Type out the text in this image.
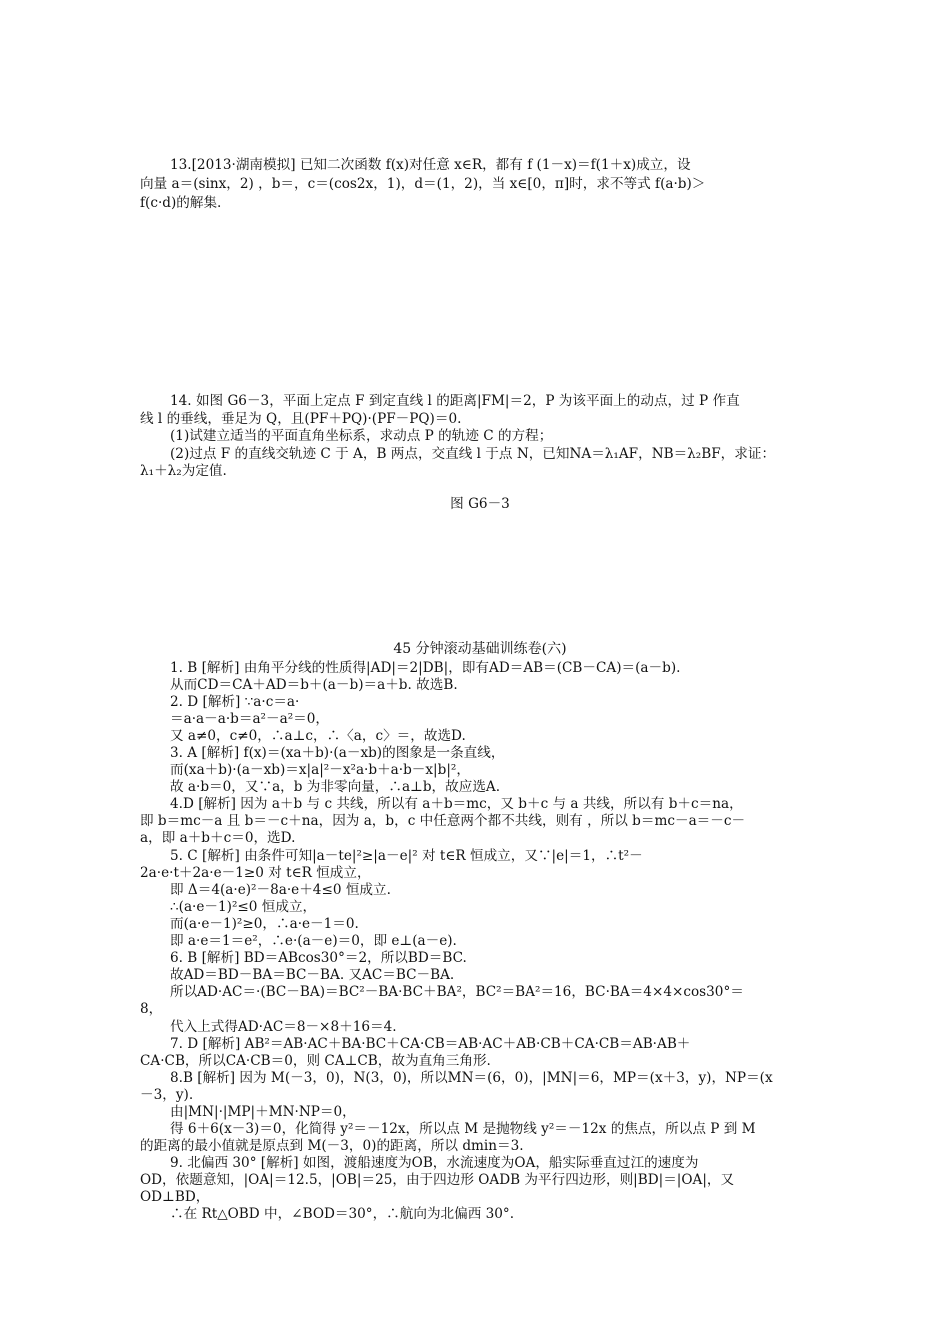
13.[2013·湖南模拟] 已知二次函数 f(x)对任意 x∈R，都有 f (1－x)＝f(1＋x)成立，设
向量 a＝(sinx，2) ，b＝，c＝(cos2x，1)，d＝(1，2)，当 x∈[0，π]时，求不等式 f(a·b)＞
f(c·d)的解集.
14. 如图 G6－3，平面上定点 F 到定直线 l 的距离|FM|＝2，P 为该平面上的动点，过 P 作直
线 l 的垂线，垂足为 Q，且(PF＋PQ)·(PF－PQ)＝0.
(1)试建立适当的平面直角坐标系，求动点 P 的轨迹 C 的方程；
(2)过点 F 的直线交轨迹 C 于 A，B 两点，交直线 l 于点 N，已知NA＝λ₁AF，NB＝λ₂BF，求证：
λ₁＋λ₂为定值.
图 G6－3
45 分钟滚动基础训练卷(六)
1. B [解析] 由角平分线的性质得|AD|＝2|DB|，即有AD＝AB＝(CB－CA)＝(a－b).
从而CD＝CA＋AD＝b＋(a－b)＝a＋b. 故选B.
2. D [解析] ∵a·c＝a·
＝a·a－a·b＝a²－a²＝0，
又 a≠0，c≠0，∴a⊥c，∴〈a，c〉＝，故选D.
3. A [解析] f(x)＝(xa＋b)·(a－xb)的图象是一条直线，
而(xa＋b)·(a－xb)＝x|a|²－x²a·b＋a·b－x|b|²，
故 a·b＝0，又∵a，b 为非零向量，∴a⊥b，故应选A.
4.D [解析] 因为 a＋b 与 c 共线，所以有 a＋b＝mc，又 b＋c 与 a 共线，所以有 b＋c＝na，
即 b＝mc－a 且 b＝－c＋na，因为 a，b，c 中任意两个都不共线，则有 ，所以 b＝mc－a＝－c－
a，即 a＋b＋c＝0，选D.
5. C [解析] 由条件可知|a－te|²≥|a－e|² 对 t∈R 恒成立，又∵|e|＝1，∴t²－
2a·e·t＋2a·e－1≥0 对 t∈R 恒成立，
即 Δ＝4(a·e)²－8a·e＋4≤0 恒成立.
∴(a·e－1)²≤0 恒成立，
而(a·e－1)²≥0，∴a·e－1＝0.
即 a·e＝1＝e²，∴e·(a－e)＝0，即 e⊥(a－e).
6. B [解析] BD＝ABcos30°＝2，所以BD＝BC.
故AD＝BD－BA＝BC－BA. 又AC＝BC－BA.
所以AD·AC＝·(BC－BA)＝BC²－BA·BC＋BA²，BC²＝BA²＝16，BC·BA＝4×4×cos30°＝
8，
代入上式得AD·AC＝8－×8＋16＝4.
7. D [解析] AB²＝AB·AC＋BA·BC＋CA·CB＝AB·AC＋AB·CB＋CA·CB＝AB·AB＋
CA·CB，所以CA·CB＝0，则 CA⊥CB，故为直角三角形.
8.B [解析] 因为 M(－3，0)，N(3，0)，所以MN＝(6，0)，|MN|＝6，MP＝(x＋3，y)，NP＝(x
－3，y).
由|MN|·|MP|＋MN·NP＝0，
得 6＋6(x－3)＝0，化简得 y²＝－12x，所以点 M 是抛物线 y²＝－12x 的焦点，所以点 P 到 M
的距离的最小值就是原点到 M(－3，0)的距离，所以 dmin＝3.
9. 北偏西 30° [解析] 如图，渡船速度为OB，水流速度为OA，船实际垂直过江的速度为
OD，依题意知，|OA|＝12.5，|OB|＝25，由于四边形 OADB 为平行四边形，则|BD|＝|OA|，又
OD⊥BD，
∴在 Rt△OBD 中，∠BOD＝30°，∴航向为北偏西 30°.
